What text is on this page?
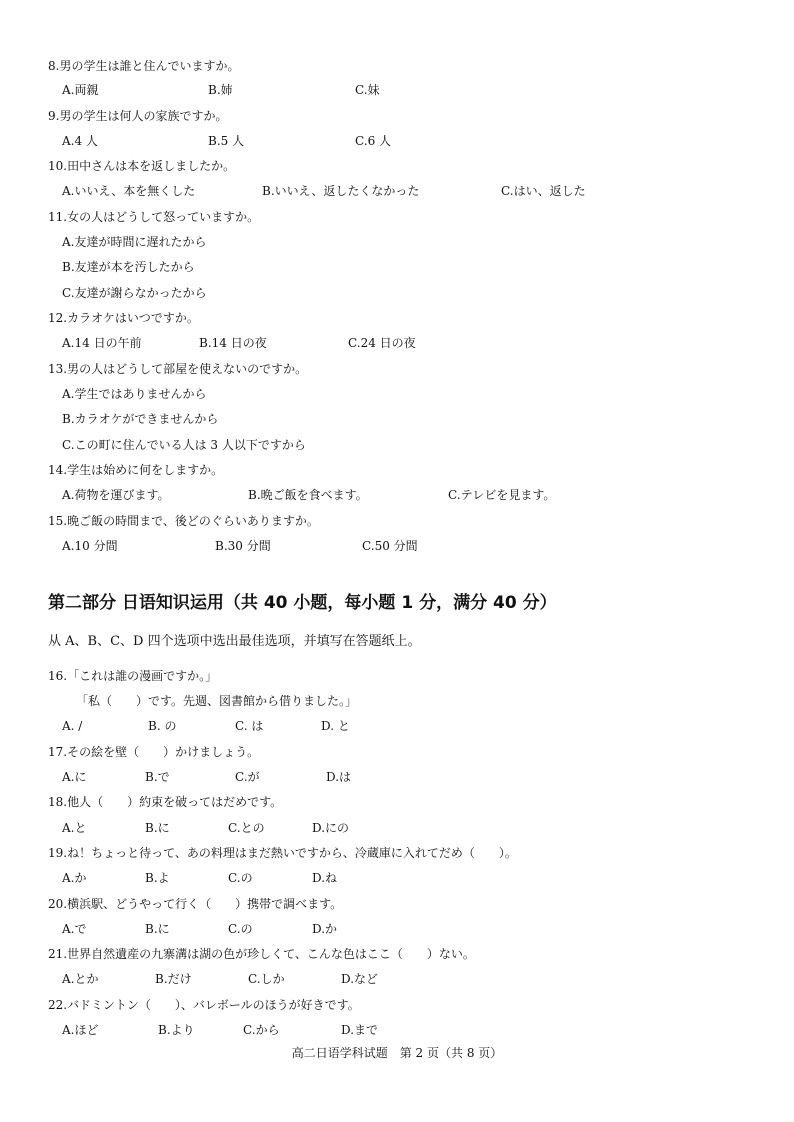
8.男の学生は誰と住んでいますか。
A.両親	B.姉	C.妹
9.男の学生は何人の家族ですか。
A.4 人	B.5 人	C.6 人
10.田中さんは本を返しましたか。
A.いいえ、本を無くした	B.いいえ、返したくなかった	C.はい、返した
11.女の人はどうして怒っていますか。
A.友達が時間に遅れたから
B.友達が本を汚したから
C.友達が謝らなかったから
12.カラオケはいつですか。
A.14 日の午前	B.14 日の夜	C.24 日の夜
13.男の人はどうして部屋を使えないのですか。
A.学生ではありませんから
B.カラオケができませんから
C.この町に住んでいる人は 3 人以下ですから
14.学生は始めに何をしますか。
A.荷物を運びます。	B.晩ご飯を食べます。	C.テレビを見ます。
15.晩ご飯の時間まで、後どのぐらいありますか。
A.10 分間	B.30 分間	C.50 分間
第二部分 日语知识运用（共 40 小题，每小题 1 分，满分 40 分）
从 A、B、C、D 四个选项中选出最佳选项，并填写在答题纸上。
16.「これは誰の漫画ですか。」
「私（　　）です。先週、図書館から借りました。」
A. /	B. の	C. は	D. と
17.その絵を壁（　　）かけましょう。
A.に	B.で	C.が	D.は
18.他人（　　）約束を破ってはだめです。
A.と	B.に	C.との	D.にの
19.ね！ちょっと待って、あの料理はまだ熱いですから、冷蔵庫に入れてだめ（　　）。
A.か	B.よ	C.の	D.ね
20.横浜駅、どうやって行く（　　）携帯で調べます。
A.で	B.に	C.の	D.か
21.世界自然遺産の九寨溝は湖の色が珍しくて、こんな色はここ（　　）ない。
A.とか	B.だけ	C.しか	D.など
22.バドミントン（　　）、バレボールのほうが好きです。
A.ほど	B.より	C.から	D.まで
高二日语学科试题　第 2 页（共 8 页）
